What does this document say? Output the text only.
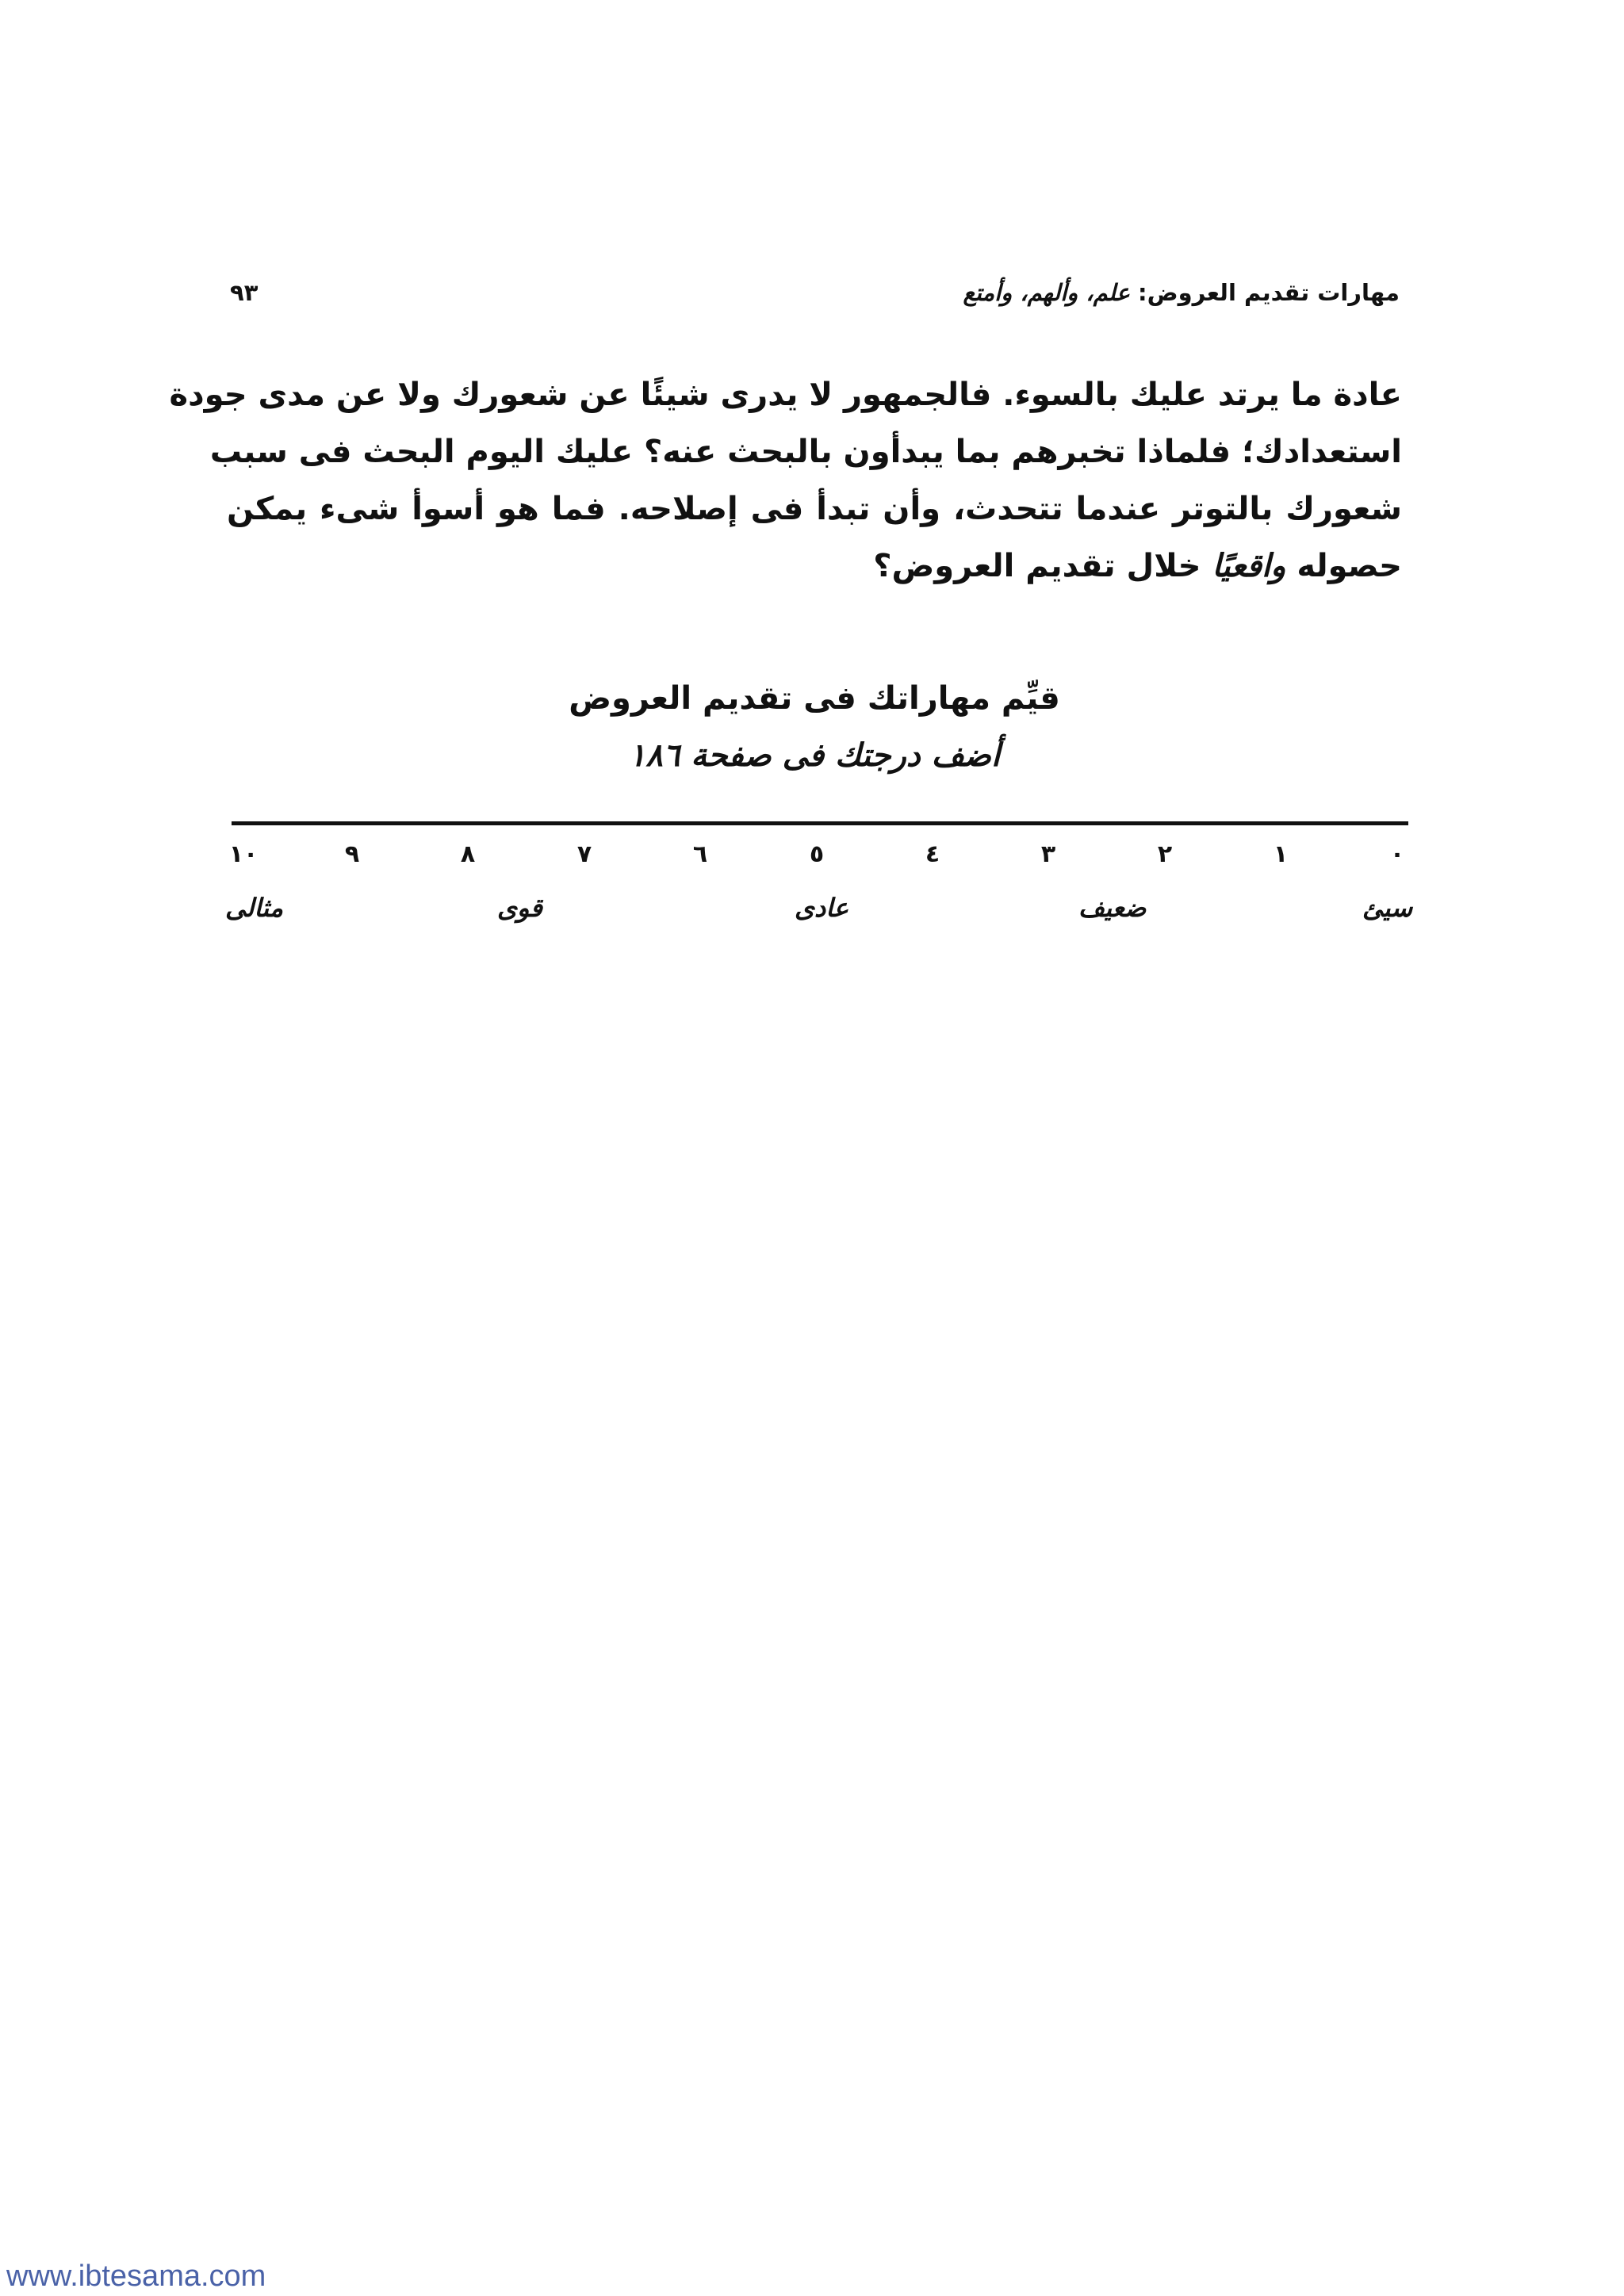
مهارات تقديم العروض: علم، وألهم، وأمتع
٩٣
عادة ما يرتد عليك بالسوء. فالجمهور لا يدرى شيئًا عن شعورك ولا عن مدى جودة
استعدادك؛ فلماذا تخبرهم بما يبدأون بالبحث عنه؟ عليك اليوم البحث فى سبب
شعورك بالتوتر عندما تتحدث، وأن تبدأ فى إصلاحه. فما هو أسوأ شىء يمكن
حصوله واقعيًا خلال تقديم العروض؟
قيِّم مهاراتك فى تقديم العروض
أضف درجتك فى صفحة ١٨٦
٠
١
٢
٣
٤
٥
٦
٧
٨
٩
١٠
سيئ
ضعيف
عادى
قوى
مثالى
www.ibtesama.com
